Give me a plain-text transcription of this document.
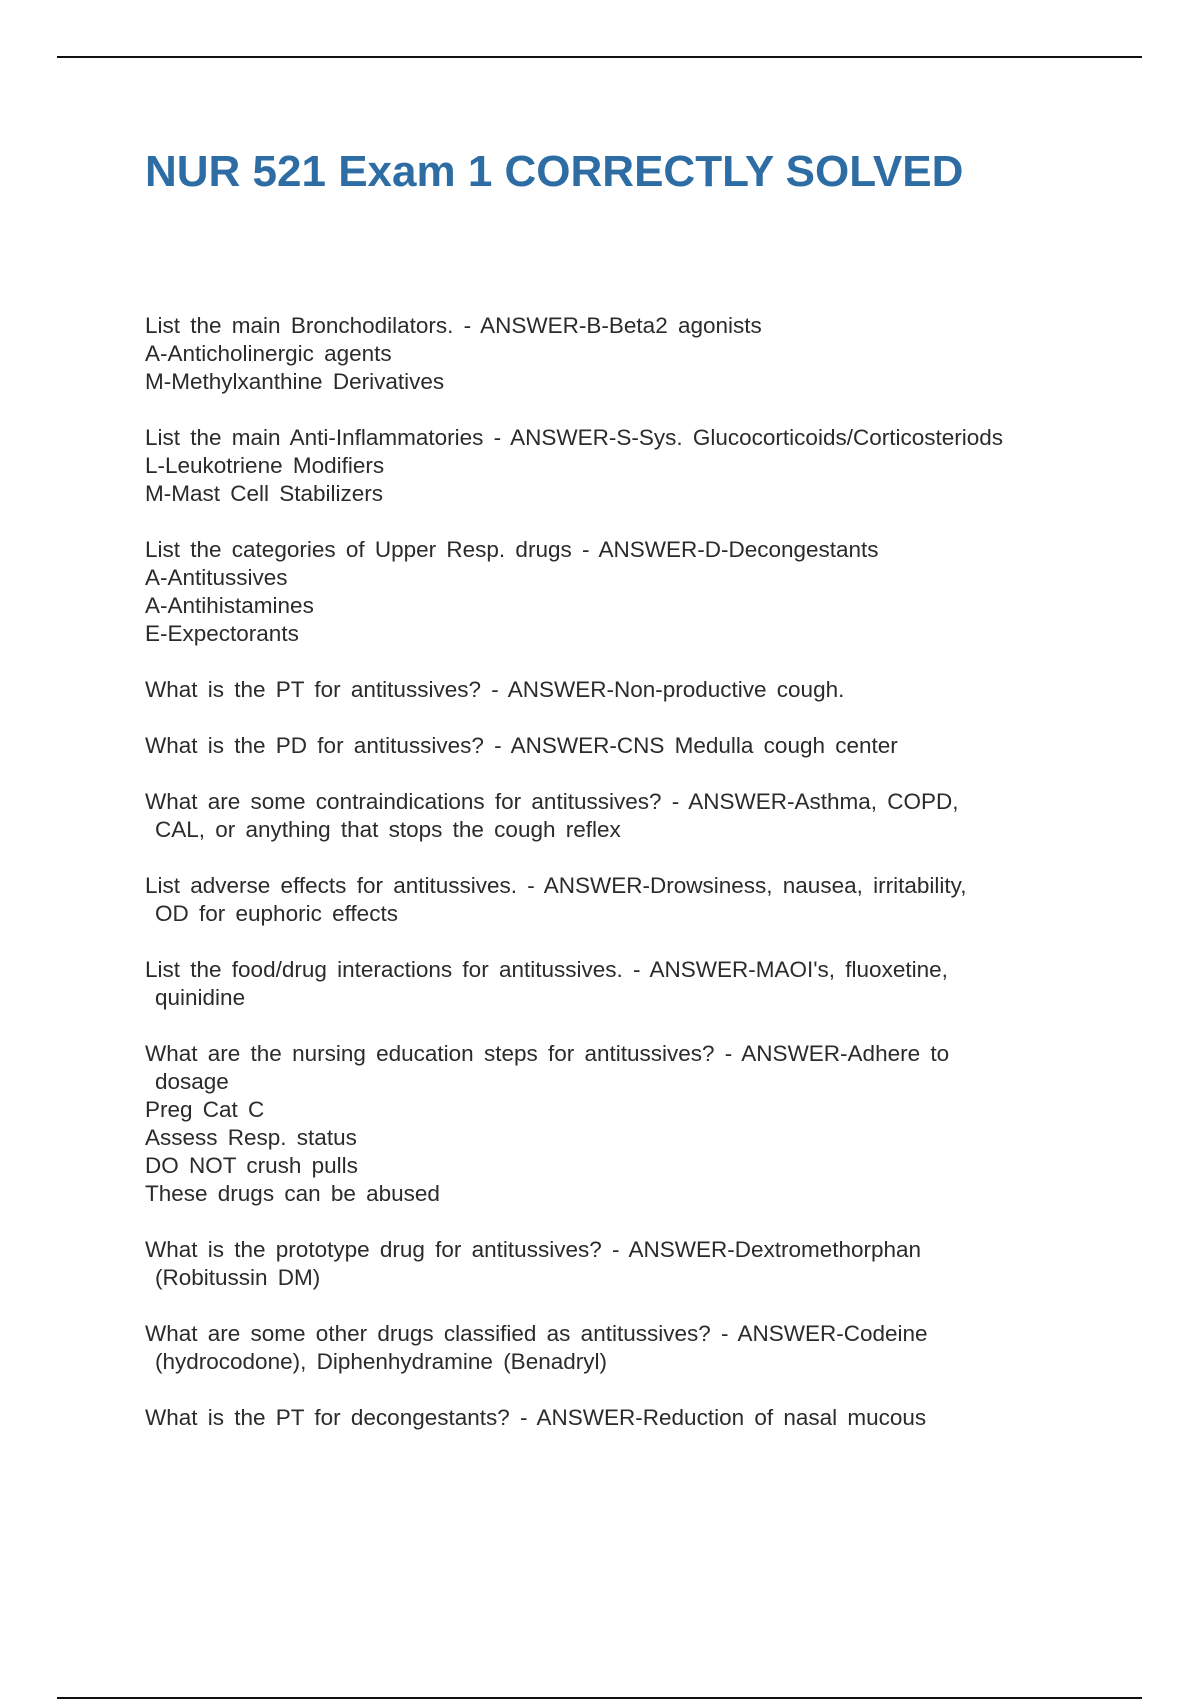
NUR 521 Exam 1 CORRECTLY SOLVED
List the main Bronchodilators. - ANSWER-B-Beta2 agonists
A-Anticholinergic agents
M-Methylxanthine Derivatives
List the main Anti-Inflammatories - ANSWER-S-Sys. Glucocorticoids/Corticosteriods
L-Leukotriene Modifiers
M-Mast Cell Stabilizers
List the categories of Upper Resp. drugs - ANSWER-D-Decongestants
A-Antitussives
A-Antihistamines
E-Expectorants
What is the PT for antitussives? - ANSWER-Non-productive cough.
What is the PD for antitussives? - ANSWER-CNS Medulla cough center
What are some contraindications for antitussives? - ANSWER-Asthma, COPD,
CAL, or anything that stops the cough reflex
List adverse effects for antitussives. - ANSWER-Drowsiness, nausea, irritability,
OD for euphoric effects
List the food/drug interactions for antitussives. - ANSWER-MAOI's, fluoxetine,
quinidine
What are the nursing education steps for antitussives? - ANSWER-Adhere to
dosage
Preg Cat C
Assess Resp. status
DO NOT crush pulls
These drugs can be abused
What is the prototype drug for antitussives? - ANSWER-Dextromethorphan
(Robitussin DM)
What are some other drugs classified as antitussives? - ANSWER-Codeine
(hydrocodone), Diphenhydramine (Benadryl)
What is the PT for decongestants? - ANSWER-Reduction of nasal mucous
